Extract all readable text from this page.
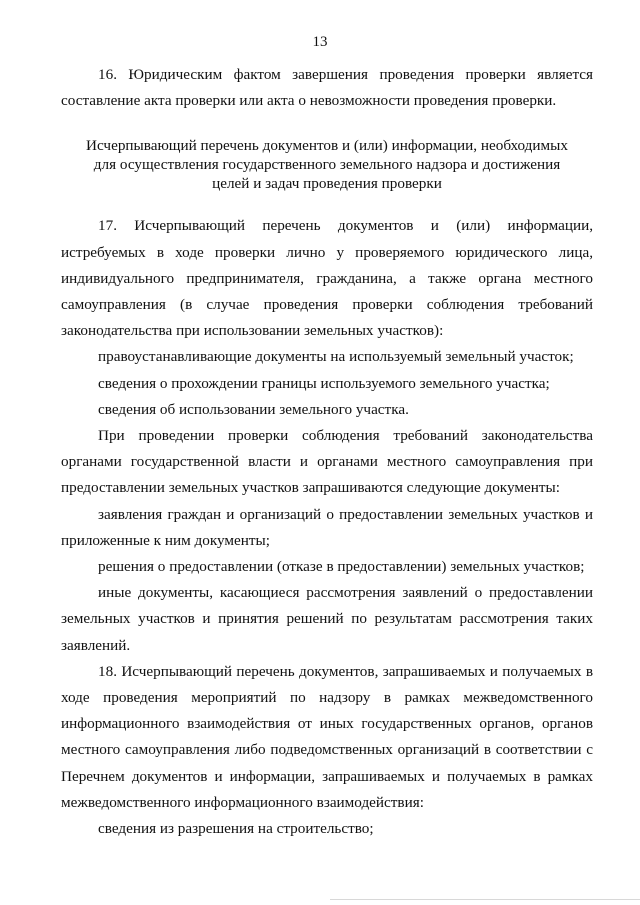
13

16. Юридическим фактом завершения проведения проверки является составление акта проверки или акта о невозможности проведения проверки.

Исчерпывающий перечень документов и (или) информации, необходимых
для осуществления государственного земельного надзора и достижения
целей и задач проведения проверки

17. Исчерпывающий перечень документов и (или) информации, истребуемых в ходе проверки лично у проверяемого юридического лица, индивидуального предпринимателя, гражданина, а также органа местного самоуправления (в случае проведения проверки соблюдения требований законодательства при использовании земельных участков):

правоустанавливающие документы на используемый земельный участок;

сведения о прохождении границы используемого земельного участка;

сведения об использовании земельного участка.

При проведении проверки соблюдения требований законодательства органами государственной власти и органами местного самоуправления при предоставлении земельных участков запрашиваются следующие документы:

заявления граждан и организаций о предоставлении земельных участков и приложенные к ним документы;

решения о предоставлении (отказе в предоставлении) земельных участков;

иные документы, касающиеся рассмотрения заявлений о предоставлении земельных участков и принятия решений по результатам рассмотрения таких заявлений.

18. Исчерпывающий перечень документов, запрашиваемых и получаемых в ходе проведения мероприятий по надзору в рамках межведомственного информационного взаимодействия от иных государственных органов, органов местного самоуправления либо подведомственных организаций в соответствии с Перечнем документов и информации, запрашиваемых и получаемых в рамках межведомственного информационного взаимодействия:

сведения из разрешения на строительство;
